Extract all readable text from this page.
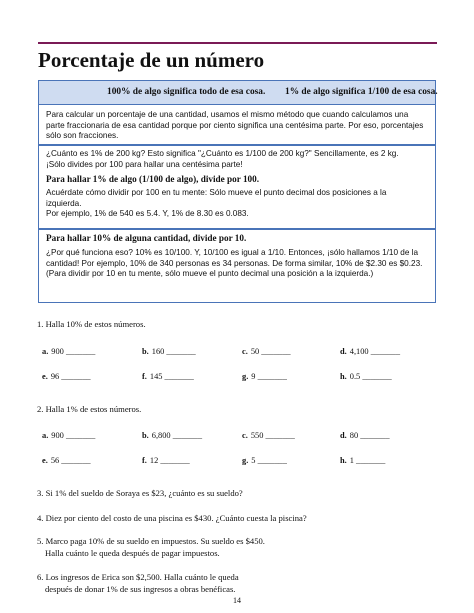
Porcentaje de un número
100% de algo significa todo de esa cosa. 1% de algo significa 1/100 de esa cosa.

Para calcular un porcentaje de una cantidad, usamos el mismo método que cuando calculamos una

parte fraccionaria de esa cantidad porque por ciento significa una centésima parte. Por eso, porcentajes

sólo son fracciones.

¿Cuánto es 1% de 200 kg? Esto significa "¿Cuánto es 1/100 de 200 kg?" Sencillamente, es 2 kg.

¡Sólo divides por 100 para hallar una centésima parte!

Para hallar 1% de algo (1/100 de algo), divide por 100.

Acuérdate cómo dividir por 100 en tu mente: Sólo mueve el punto decimal dos posiciones a la

izquierda.

Por ejemplo, 1% de 540 es 5.4. Y, 1% de 8.30 es 0.083.

Para hallar 10% de alguna cantidad, divide por 10.

¿Por qué funciona eso? 10% es 10/100. Y, 10/100 es igual a 1/10. Entonces, ¡sólo hallamos 1/10 de la

cantidad! Por ejemplo, 10% de 340 personas es 34 personas. De forma similar, 10% de $2.30 es $0.23.

(Para dividir por 10 en tu mente, sólo mueve el punto decimal una posición a la izquierda.)

1. Halla 10% de estos números.
a. 900 _______	b. 160 _______	c. 50 _______	d. 4,100 _______
e. 96 _______	f. 145 _______	g. 9 _______	h. 0.5 _______
2. Halla 1% de estos números.
a. 900 _______	b. 6,800 _______	c. 550 _______	d. 80 _______
e. 56 _______	f. 12 _______	g. 5 _______	h. 1 _______
3. Si 1% del sueldo de Soraya es $23, ¿cuánto es su sueldo?
4. Diez por ciento del costo de una piscina es $430. ¿Cuánto cuesta la piscina?
5. Marco paga 10% de su sueldo en impuestos. Su sueldo es $450.
Halla cuánto le queda después de pagar impuestos.
6. Los ingresos de Erica son $2,500. Halla cuánto le queda
después de donar 1% de sus ingresos a obras benéficas.
14
